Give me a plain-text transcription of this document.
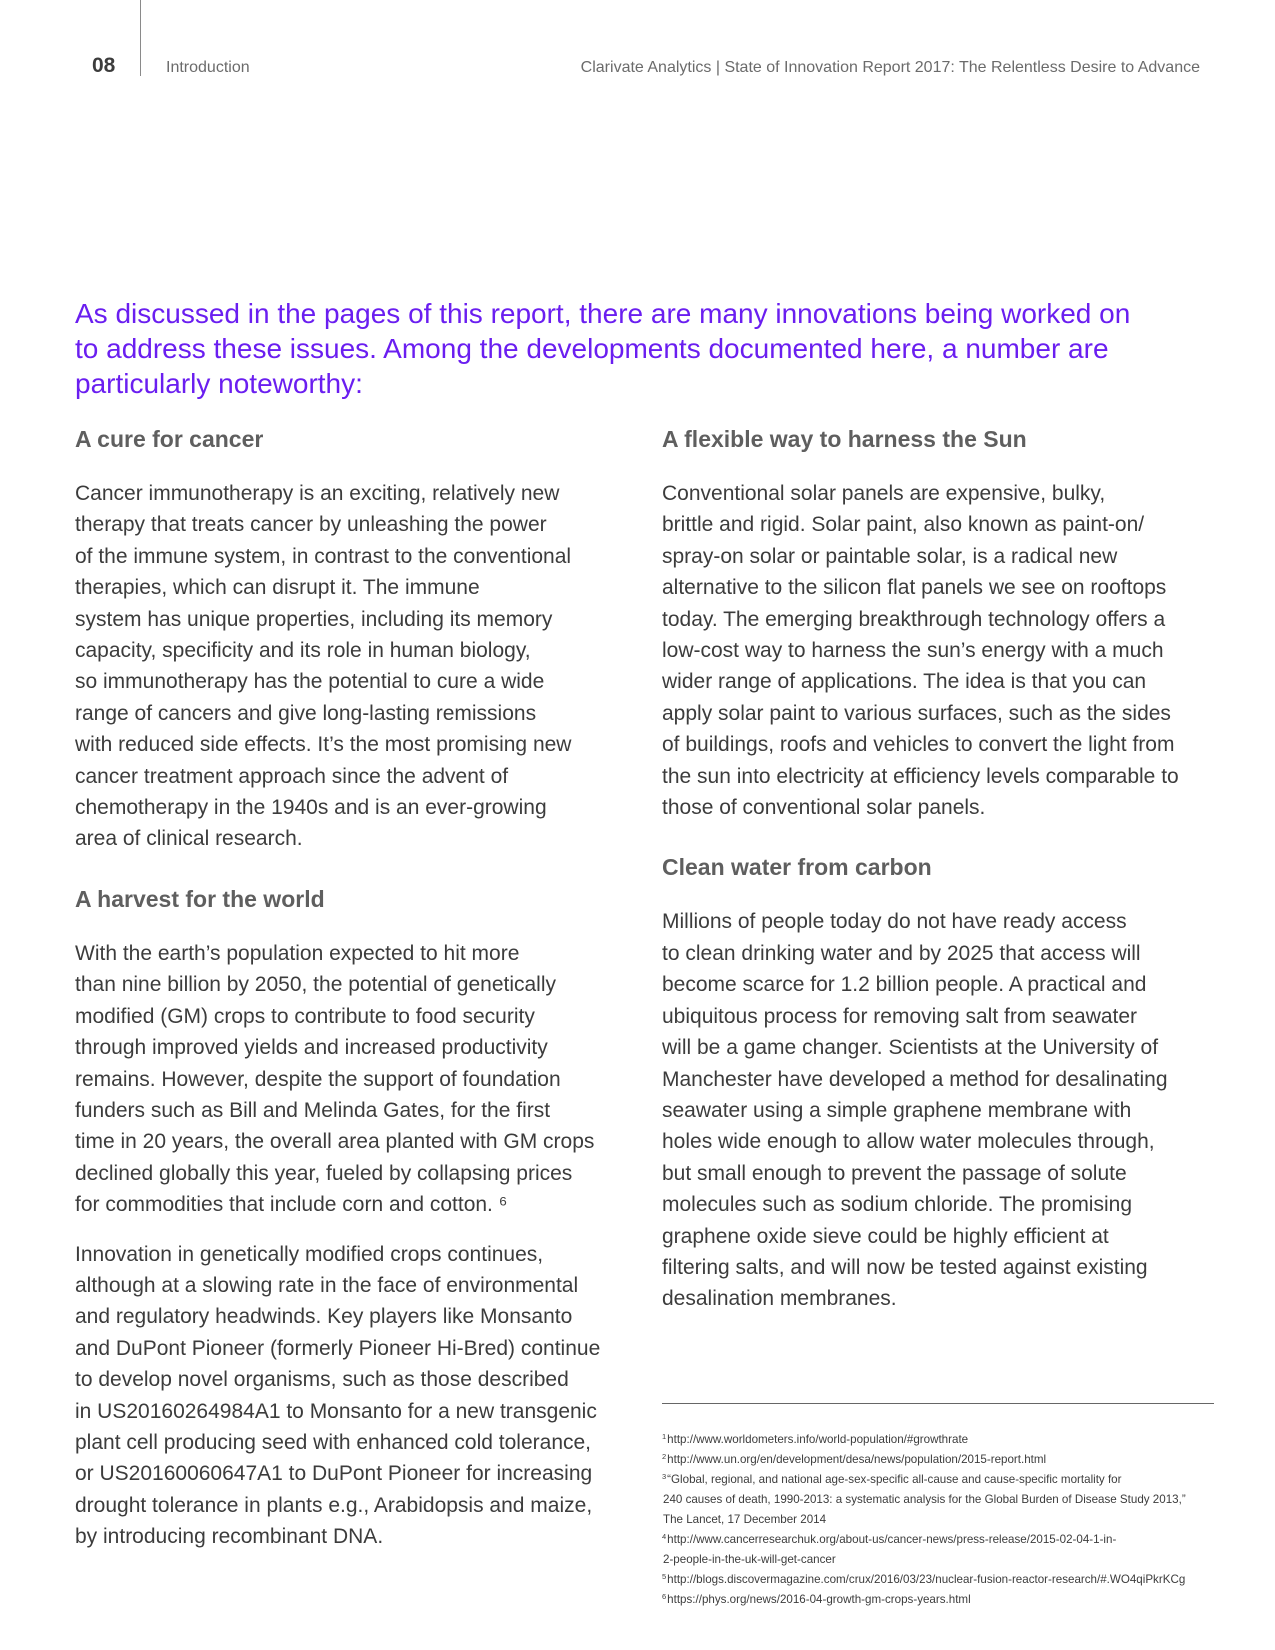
08	Introduction	Clarivate Analytics | State of Innovation Report 2017: The Relentless Desire to Advance

As discussed in the pages of this report, there are many innovations being worked on
to address these issues. Among the developments documented here, a number are
particularly noteworthy:

A cure for cancer

Cancer immunotherapy is an exciting, relatively new
therapy that treats cancer by unleashing the power
of the immune system, in contrast to the conventional
therapies, which can disrupt it. The immune
system has unique properties, including its memory
capacity, specificity and its role in human biology,
so immunotherapy has the potential to cure a wide
range of cancers and give long-lasting remissions
with reduced side effects. It’s the most promising new
cancer treatment approach since the advent of
chemotherapy in the 1940s and is an ever-growing
area of clinical research.

A harvest for the world

With the earth’s population expected to hit more
than nine billion by 2050, the potential of genetically
modified (GM) crops to contribute to food security
through improved yields and increased productivity
remains. However, despite the support of foundation
funders such as Bill and Melinda Gates, for the first
time in 20 years, the overall area planted with GM crops
declined globally this year, fueled by collapsing prices
for commodities that include corn and cotton. ⁶

Innovation in genetically modified crops continues,
although at a slowing rate in the face of environmental
and regulatory headwinds. Key players like Monsanto
and DuPont Pioneer (formerly Pioneer Hi-Bred) continue
to develop novel organisms, such as those described
in US20160264984A1 to Monsanto for a new transgenic
plant cell producing seed with enhanced cold tolerance,
or US20160060647A1 to DuPont Pioneer for increasing
drought tolerance in plants e.g., Arabidopsis and maize,
by introducing recombinant DNA.

A flexible way to harness the Sun

Conventional solar panels are expensive, bulky,
brittle and rigid. Solar paint, also known as paint-on/
spray-on solar or paintable solar, is a radical new
alternative to the silicon flat panels we see on rooftops
today. The emerging breakthrough technology offers a
low-cost way to harness the sun’s energy with a much
wider range of applications. The idea is that you can
apply solar paint to various surfaces, such as the sides
of buildings, roofs and vehicles to convert the light from
the sun into electricity at efficiency levels comparable to
those of conventional solar panels.

Clean water from carbon

Millions of people today do not have ready access
to clean drinking water and by 2025 that access will
become scarce for 1.2 billion people. A practical and
ubiquitous process for removing salt from seawater
will be a game changer. Scientists at the University of
Manchester have developed a method for desalinating
seawater using a simple graphene membrane with
holes wide enough to allow water molecules through,
but small enough to prevent the passage of solute
molecules such as sodium chloride. The promising
graphene oxide sieve could be highly efficient at
filtering salts, and will now be tested against existing
desalination membranes.

$^1$http://www.worldometers.info/world-population/#growthrate
$^2$http://www.un.org/en/development/desa/news/population/2015-report.html
$^3$“Global, regional, and national age-sex-specific all-cause and cause-specific mortality for
240 causes of death, 1990-2013: a systematic analysis for the Global Burden of Disease Study 2013,”
The Lancet, 17 December 2014
$^4$http://www.cancerresearchuk.org/about-us/cancer-news/press-release/2015-02-04-1-in-
2-people-in-the-uk-will-get-cancer
$^5$http://blogs.discovermagazine.com/crux/2016/03/23/nuclear-fusion-reactor-research/#.WO4qiPkrKCg
$^6$https://phys.org/news/2016-04-growth-gm-crops-years.html
